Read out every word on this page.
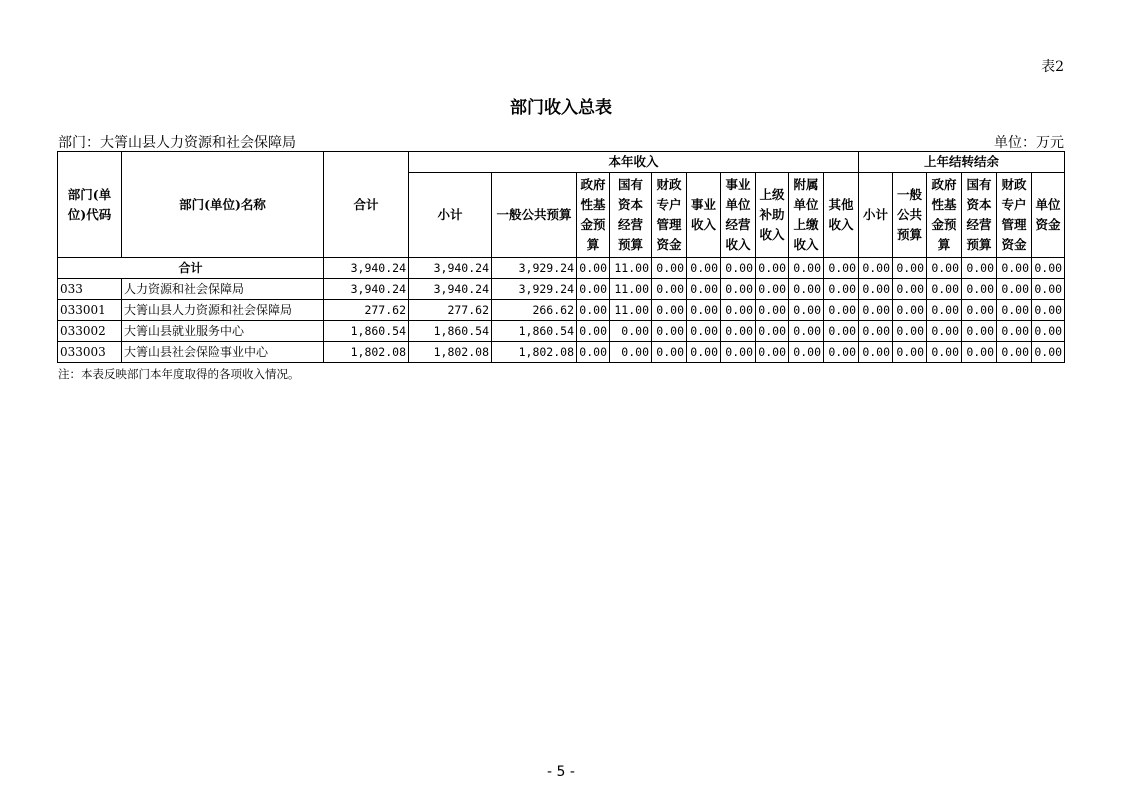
表2
部门收入总表
部门：大箐山县人力资源和社会保障局	单位：万元
部门(单位)代码	部门(单位)名称	合计	本年收入										上年结转结余					
			小计	一般公共预算	政府性基金预算	国有资本经营预算	财政专户管理资金	事业收入	事业单位经营收入	上级补助收入	附属单位上缴收入	其他收入	小计	一般公共预算	政府性基金预算	国有资本经营预算	财政专户管理资金	单位资金
合计		3,940.24	3,940.24	3,929.24	0.00	11.00	0.00	0.00	0.00	0.00	0.00	0.00	0.00	0.00	0.00	0.00	0.00	0.00
033	人力资源和社会保障局	3,940.24	3,940.24	3,929.24	0.00	11.00	0.00	0.00	0.00	0.00	0.00	0.00	0.00	0.00	0.00	0.00	0.00	0.00
033001	大箐山县人力资源和社会保障局	277.62	277.62	266.62	0.00	11.00	0.00	0.00	0.00	0.00	0.00	0.00	0.00	0.00	0.00	0.00	0.00	0.00
033002	大箐山县就业服务中心	1,860.54	1,860.54	1,860.54	0.00	0.00	0.00	0.00	0.00	0.00	0.00	0.00	0.00	0.00	0.00	0.00	0.00	0.00
033003	大箐山县社会保险事业中心	1,802.08	1,802.08	1,802.08	0.00	0.00	0.00	0.00	0.00	0.00	0.00	0.00	0.00	0.00	0.00	0.00	0.00	0.00
注：本表反映部门本年度取得的各项收入情况。
- 5 -
